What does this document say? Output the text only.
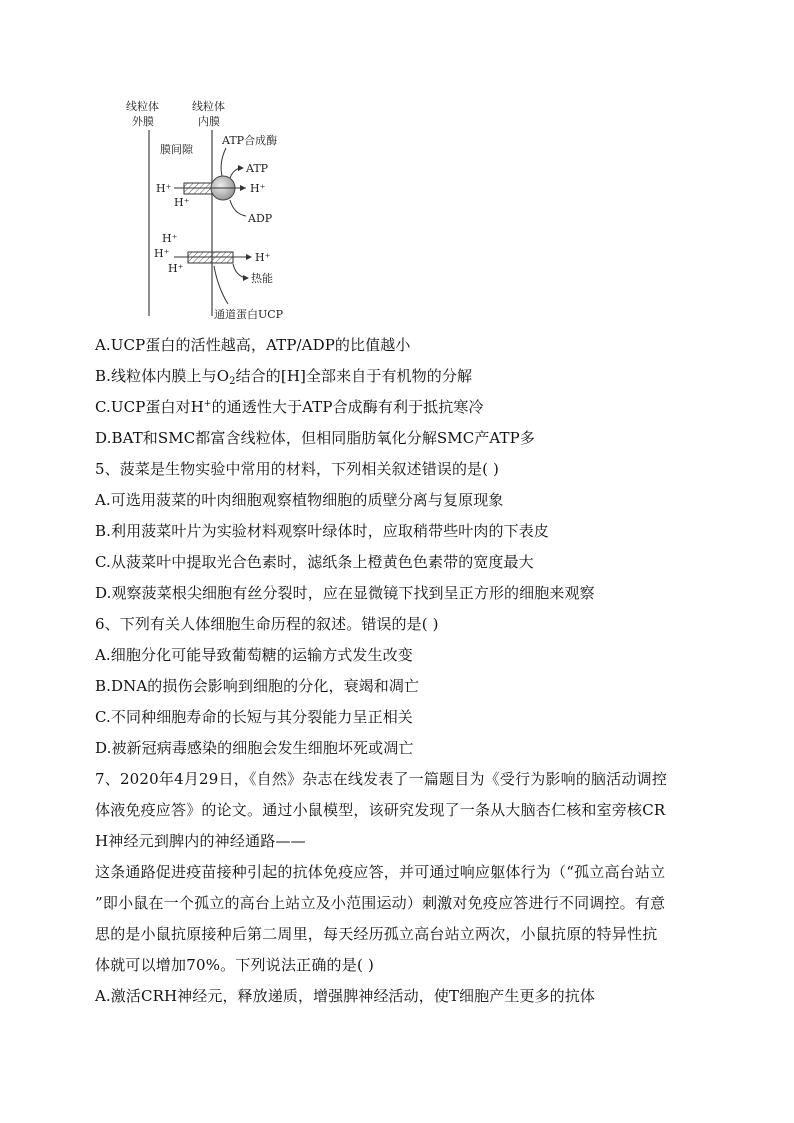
线粒体
外膜
线粒体
内膜
膜间隙
ATP合成酶
H⁺
H⁺
H⁺
ATP
ADP
H⁺
H⁺
H⁺
H⁺
热能
通道蛋白UCP
A.UCP蛋白的活性越高，ATP/ADP的比值越小
B.线粒体内膜上与$O_2$结合的[H]全部来自于有机物的分解
C.UCP蛋白对H+的通透性大于ATP合成酶有利于抵抗寒冷
D.BAT和SMC都富含线粒体，但相同脂肪氧化分解SMC产ATP多
5、菠菜是生物实验中常用的材料，下列相关叙述错误的是( )
A.可选用菠菜的叶肉细胞观察植物细胞的质壁分离与复原现象
B.利用菠菜叶片为实验材料观察叶绿体时，应取稍带些叶肉的下表皮
C.从菠菜叶中提取光合色素时，滤纸条上橙黄色色素带的宽度最大
D.观察菠菜根尖细胞有丝分裂时，应在显微镜下找到呈正方形的细胞来观察
6、下列有关人体细胞生命历程的叙述。错误的是( )
A.细胞分化可能导致葡萄糖的运输方式发生改变
B.DNA的损伤会影响到细胞的分化，衰竭和凋亡
C.不同种细胞寿命的长短与其分裂能力呈正相关
D.被新冠病毒感染的细胞会发生细胞坏死或凋亡
7、2020年4月29日，《自然》杂志在线发表了一篇题目为《受行为影响的脑活动调控
体液免疫应答》的论文。通过小鼠模型，该研究发现了一条从大脑杏仁核和室旁核CR
H神经元到脾内的神经通路——
这条通路促进疫苗接种引起的抗体免疫应答，并可通过响应躯体行为（“孤立高台站立
”即小鼠在一个孤立的高台上站立及小范围运动）刺激对免疫应答进行不同调控。有意
思的是小鼠抗原接种后第二周里，每天经历孤立高台站立两次，小鼠抗原的特异性抗
体就可以增加70%。下列说法正确的是( )
A.激活CRH神经元，释放递质，增强脾神经活动，使T细胞产生更多的抗体
